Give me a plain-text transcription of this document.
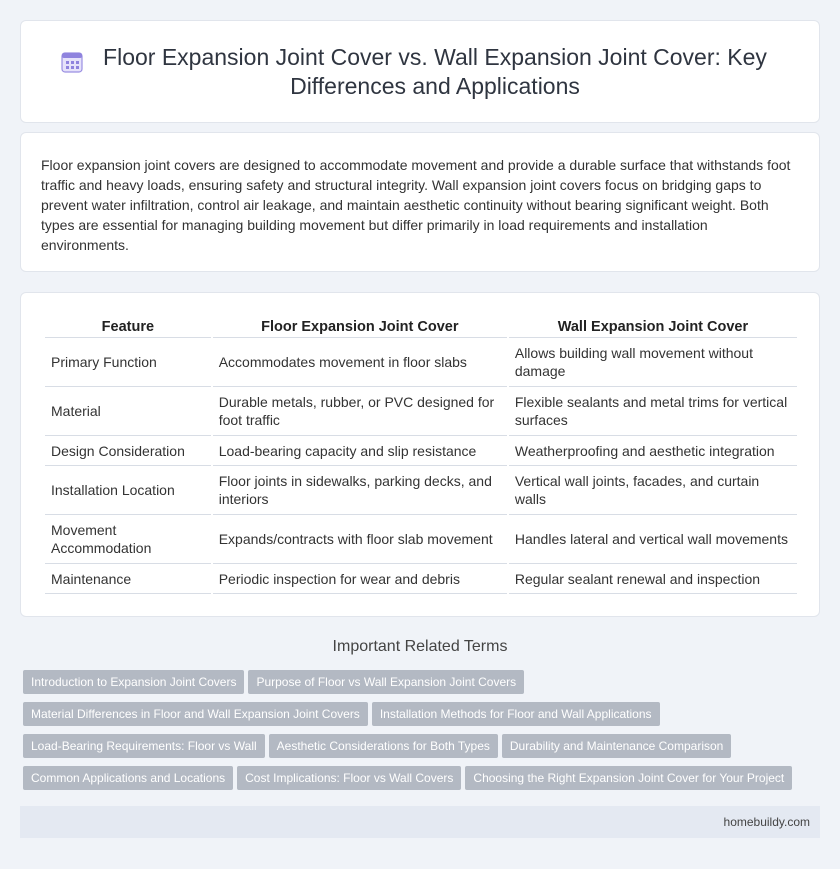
Floor Expansion Joint Cover vs. Wall Expansion Joint Cover: Key Differences and Applications

Floor expansion joint covers are designed to accommodate movement and provide a durable surface that withstands foot traffic and heavy loads, ensuring safety and structural integrity. Wall expansion joint covers focus on bridging gaps to prevent water infiltration, control air leakage, and maintain aesthetic continuity without bearing significant weight. Both types are essential for managing building movement but differ primarily in load requirements and installation environments.

Feature	Floor Expansion Joint Cover	Wall Expansion Joint Cover
Primary Function	Accommodates movement in floor slabs	Allows building wall movement without damage
Material	Durable metals, rubber, or PVC designed for foot traffic	Flexible sealants and metal trims for vertical surfaces
Design Consideration	Load-bearing capacity and slip resistance	Weatherproofing and aesthetic integration
Installation Location	Floor joints in sidewalks, parking decks, and interiors	Vertical wall joints, facades, and curtain walls
Movement Accommodation	Expands/contracts with floor slab movement	Handles lateral and vertical wall movements
Maintenance	Periodic inspection for wear and debris	Regular sealant renewal and inspection
Important Related Terms
Introduction to Expansion Joint Covers Purpose of Floor vs Wall Expansion Joint Covers
Material Differences in Floor and Wall Expansion Joint Covers Installation Methods for Floor and Wall Applications
Load-Bearing Requirements: Floor vs Wall Aesthetic Considerations for Both Types Durability and Maintenance Comparison
Common Applications and Locations Cost Implications: Floor vs Wall Covers Choosing the Right Expansion Joint Cover for Your Project
homebuildy.com
